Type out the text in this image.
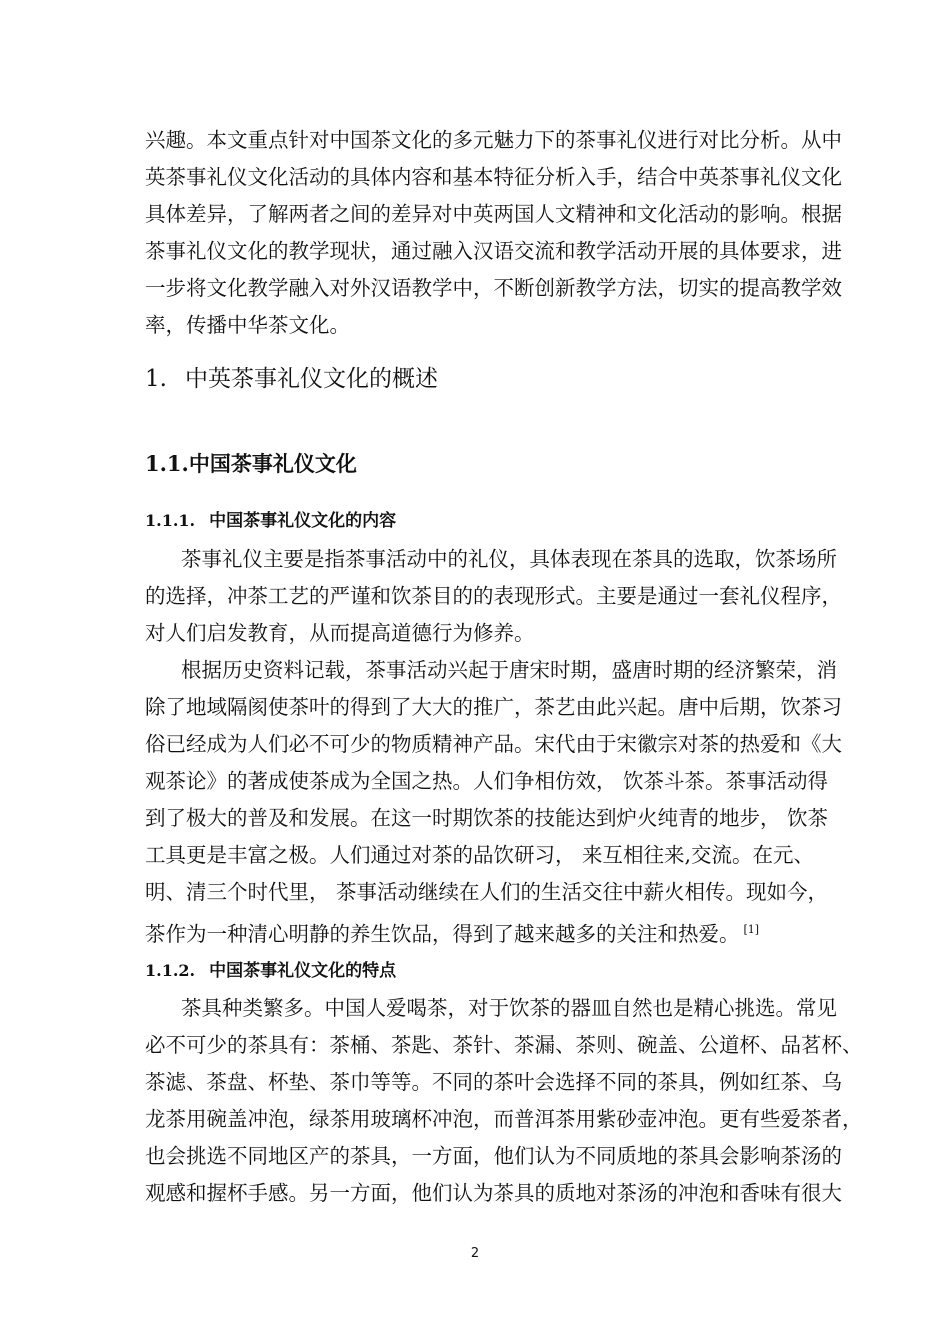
兴趣。本文重点针对中国茶文化的多元魅力下的茶事礼仪进行对比分析。从中
英茶事礼仪文化活动的具体内容和基本特征分析入手，结合中英茶事礼仪文化
具体差异，了解两者之间的差异对中英两国人文精神和文化活动的影响。根据
茶事礼仪文化的教学现状，通过融入汉语交流和教学活动开展的具体要求，进
一步将文化教学融入对外汉语教学中，不断创新教学方法，切实的提高教学效
率，传播中华茶文化。
1. 中英茶事礼仪文化的概述
1.1.中国茶事礼仪文化
1.1.1. 中国茶事礼仪文化的内容
茶事礼仪主要是指茶事活动中的礼仪，具体表现在茶具的选取，饮茶场所
的选择，冲茶工艺的严谨和饮茶目的的表现形式。主要是通过一套礼仪程序，
对人们启发教育，从而提高道德行为修养。
根据历史资料记载，茶事活动兴起于唐宋时期，盛唐时期的经济繁荣，消
除了地域隔阂使茶叶的得到了大大的推广，茶艺由此兴起。唐中后期，饮茶习
俗已经成为人们必不可少的物质精神产品。宋代由于宋徽宗对茶的热爱和《大
观茶论》的著成使茶成为全国之热。人们争相仿效， 饮茶斗茶。茶事活动得
到了极大的普及和发展。在这一时期饮茶的技能达到炉火纯青的地步， 饮茶
工具更是丰富之极。人们通过对茶的品饮研习， 来互相往来,交流。在元、
明、清三个时代里， 茶事活动继续在人们的生活交往中薪火相传。现如今，
茶作为一种清心明静的养生饮品，得到了越来越多的关注和热爱。 [1]
1.1.2. 中国茶事礼仪文化的特点
茶具种类繁多。中国人爱喝茶，对于饮茶的器皿自然也是精心挑选。常见
必不可少的茶具有：茶桶、茶匙、茶针、茶漏、茶则、碗盖、公道杯、品茗杯、
茶滤、茶盘、杯垫、茶巾等等。不同的茶叶会选择不同的茶具，例如红茶、乌
龙茶用碗盖冲泡，绿茶用玻璃杯冲泡，而普洱茶用紫砂壶冲泡。更有些爱茶者，
也会挑选不同地区产的茶具，一方面，他们认为不同质地的茶具会影响茶汤的
观感和握杯手感。另一方面，他们认为茶具的质地对茶汤的冲泡和香味有很大
2
